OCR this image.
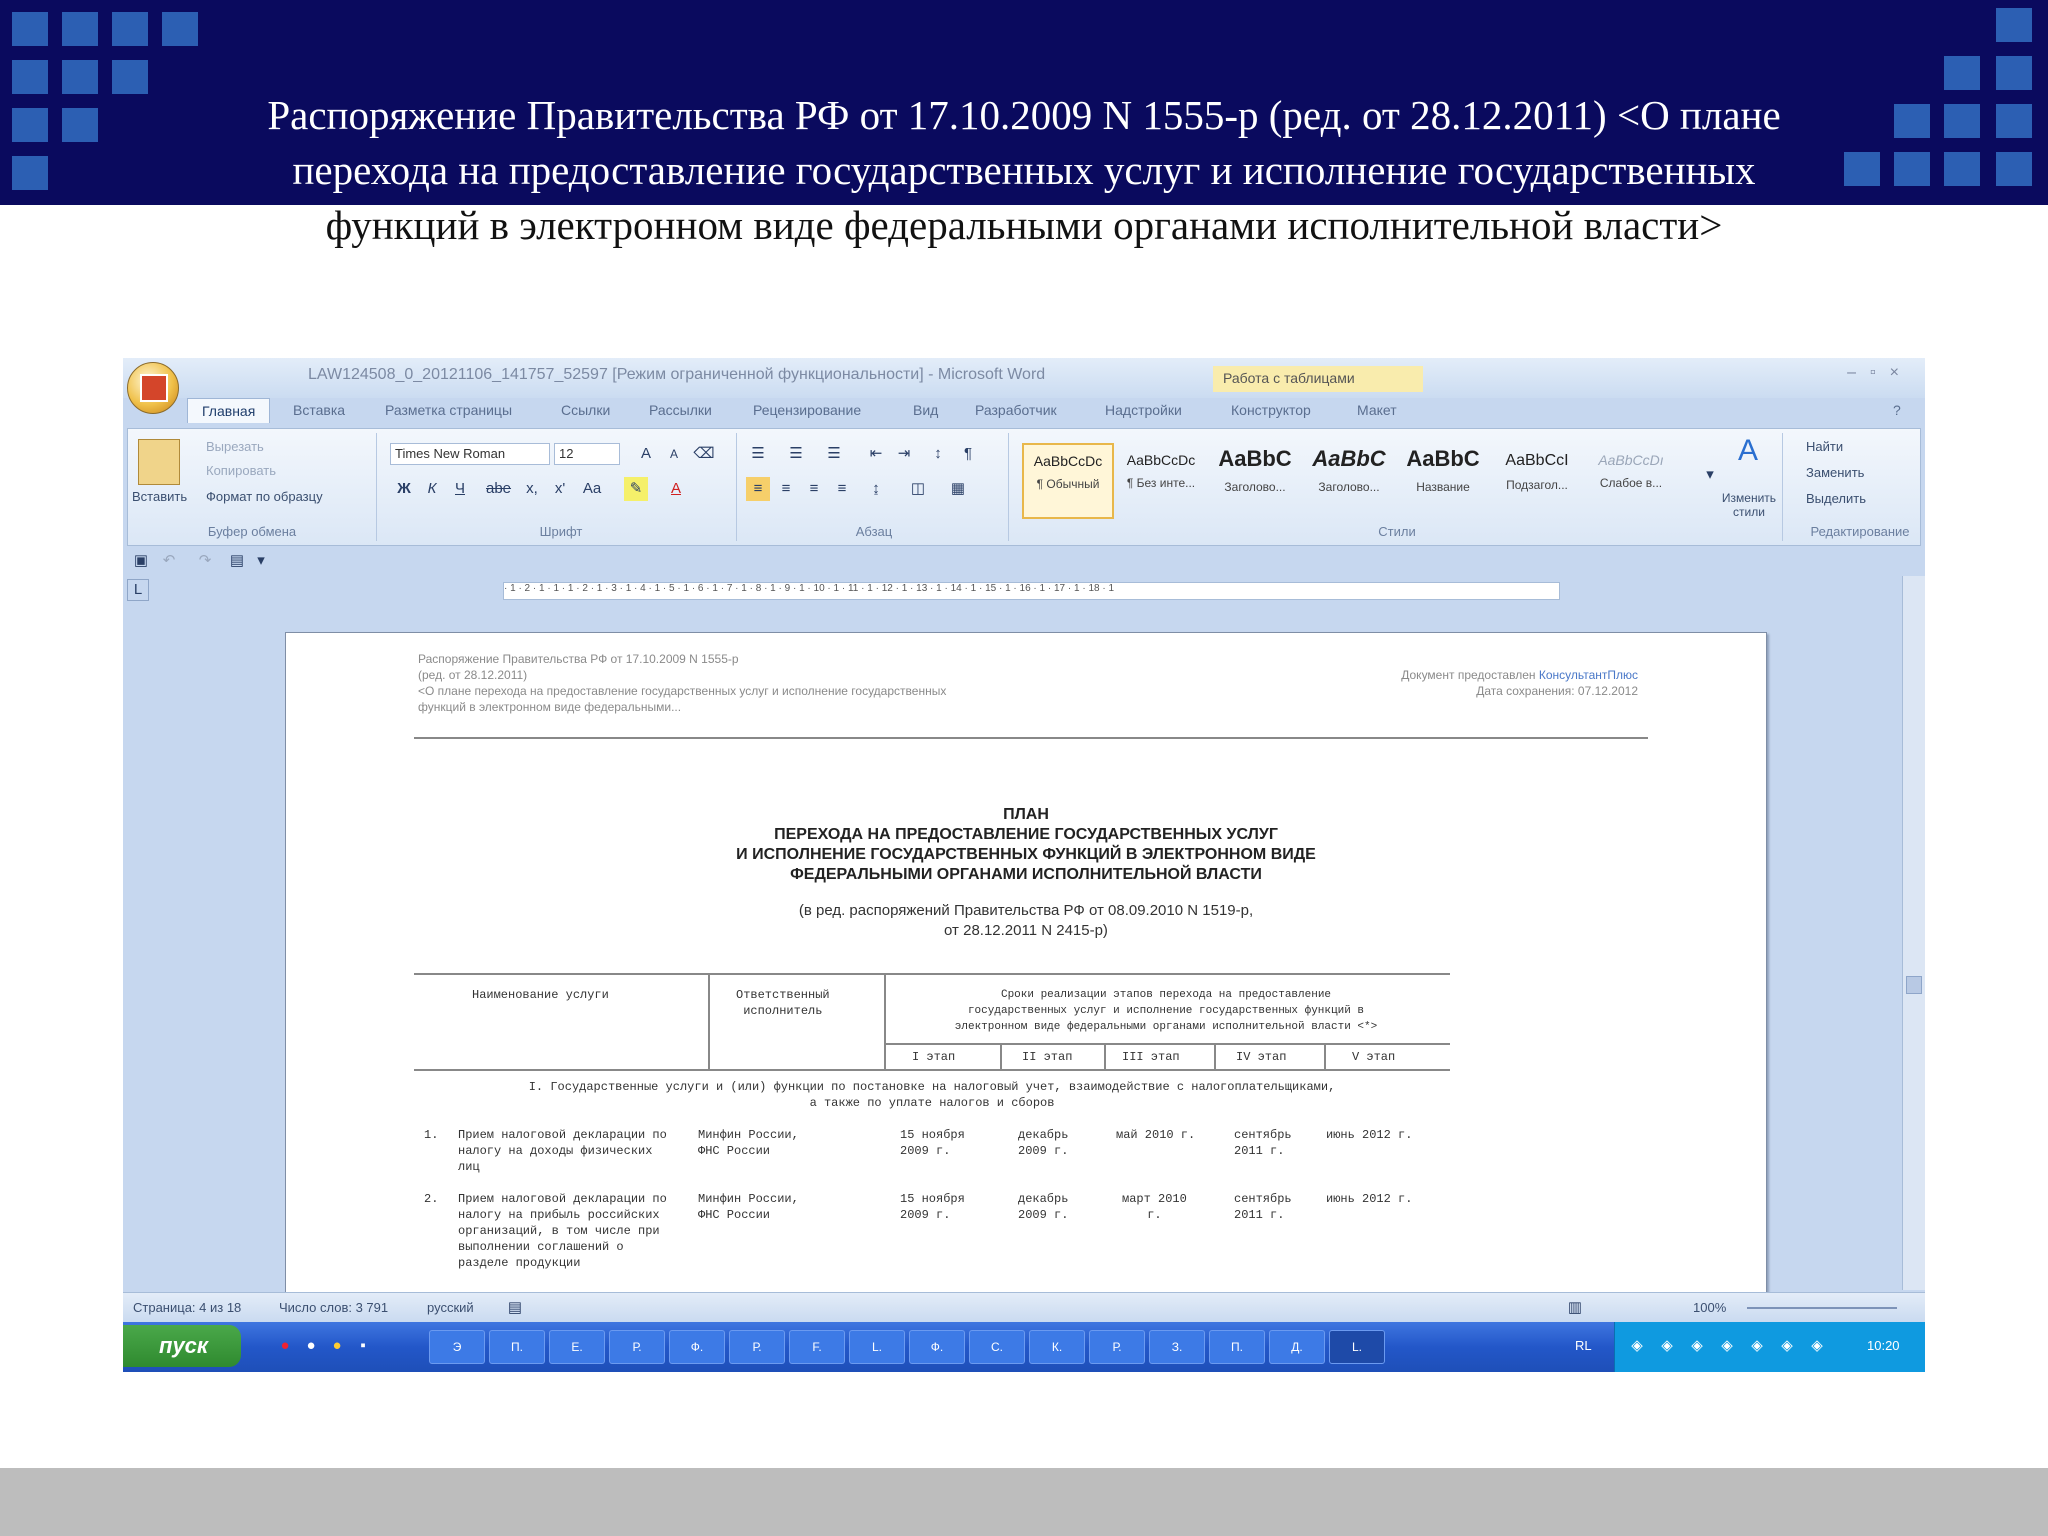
Распоряжение Правительства РФ от 17.10.2009 N 1555-р (ред. от 28.12.2011) <О плане
перехода на предоставление государственных услуг и исполнение государственных
функций в электронном виде федеральными органами исполнительной власти>
LAW124508_0_20121106_141757_52597 [Режим ограниченной функциональности] - Microsoft Word	Работа с таблицами	–▫×
Главная	Вставка	Разметка страницы	Ссылки	Рассылки	Рецензирование	Вид	Разработчик	Надстройки	Конструктор	Макет	?
Вставить
Вырезать
Копировать
Формат по образцу
Буфер обмена
Times New Roman	12	A	A	⌫
Ж	К	Ч	abe	x,	x'	Aa	✎	A
Шрифт
☰	☰	☰	⇤	⇥	↕	¶
≡	≡	≡	≡	↨	◫	▦
Абзац
AaBbCcDc
¶ Обычный
AaBbCcDc
¶ Без инте...
AaBbC
Заголово...
AaBbC
Заголово...
AaBbC
Название
AaBbCcI
Подзагол...
AaBbCcDı
Слабое в...	▾
A
Изменить стили
Стили
Найти
Заменить
Выделить
Редактирование
▣ ↶	↷	▤ ▾
L	· 1 · 2 · 1 · 1 · 1 · 2 · 1 · 3 · 1 · 4 · 1 · 5 · 1 · 6 · 1 · 7 · 1 · 8 · 1 · 9 · 1 · 10 · 1 · 11 · 1 · 12 · 1 · 13 · 1 · 14 · 1 · 15 · 1 · 16 · 1 · 17 · 1 · 18 · 1
Распоряжение Правительства РФ от 17.10.2009 N 1555-р
(ред. от 28.12.2011)
<О плане перехода на предоставление государственных услуг и исполнение государственных
функций в электронном виде федеральными...
Документ предоставлен КонсультантПлюс
Дата сохранения: 07.12.2012
ПЛАН
ПЕРЕХОДА НА ПРЕДОСТАВЛЕНИЕ ГОСУДАРСТВЕННЫХ УСЛУГ
И ИСПОЛНЕНИЕ ГОСУДАРСТВЕННЫХ ФУНКЦИЙ В ЭЛЕКТРОННОМ ВИДЕ
ФЕДЕРАЛЬНЫМИ ОРГАНАМИ ИСПОЛНИТЕЛЬНОЙ ВЛАСТИ
(в ред. распоряжений Правительства РФ от 08.09.2010 N 1519-р,
от 28.12.2011 N 2415-р)
Наименование услуги	Ответственный
исполнитель
Сроки реализации этапов перехода на предоставление
государственных услуг и исполнение государственных функций в
электронном виде федеральными органами исполнительной власти <*>
I этап	II этап	III этап	IV этап	V этап
I. Государственные услуги и (или) функции по постановке на налоговый учет, взаимодействие с налогоплательщиками,
а также по уплате налогов и сборов
1. Прием налоговой декларации по
налогу на доходы физических
лиц
Минфин России,
ФНС России
15 ноября
2009 г.
декабрь
2009 г.
май 2010 г.	сентябрь
2011 г.
июнь 2012 г.
2. Прием налоговой декларации по
налогу на прибыль российских
организаций, в том числе при
выполнении соглашений о
разделе продукции
Минфин России,
ФНС России
15 ноября
2009 г.
декабрь
2009 г.
март 2010
г.
сентябрь
2011 г.
июнь 2012 г.
Страница: 4 из 18	Число слов: 3 791	русский	▤	▥	100%
пуск	●	●	●	▪	Э	П.	Е.	Р.	Ф.	Р.	F.	L.	Ф.	С.	К.	Р.	З.	П.	Д.	L.	RL	◈	◈	◈	◈	◈	◈	◈	10:20
